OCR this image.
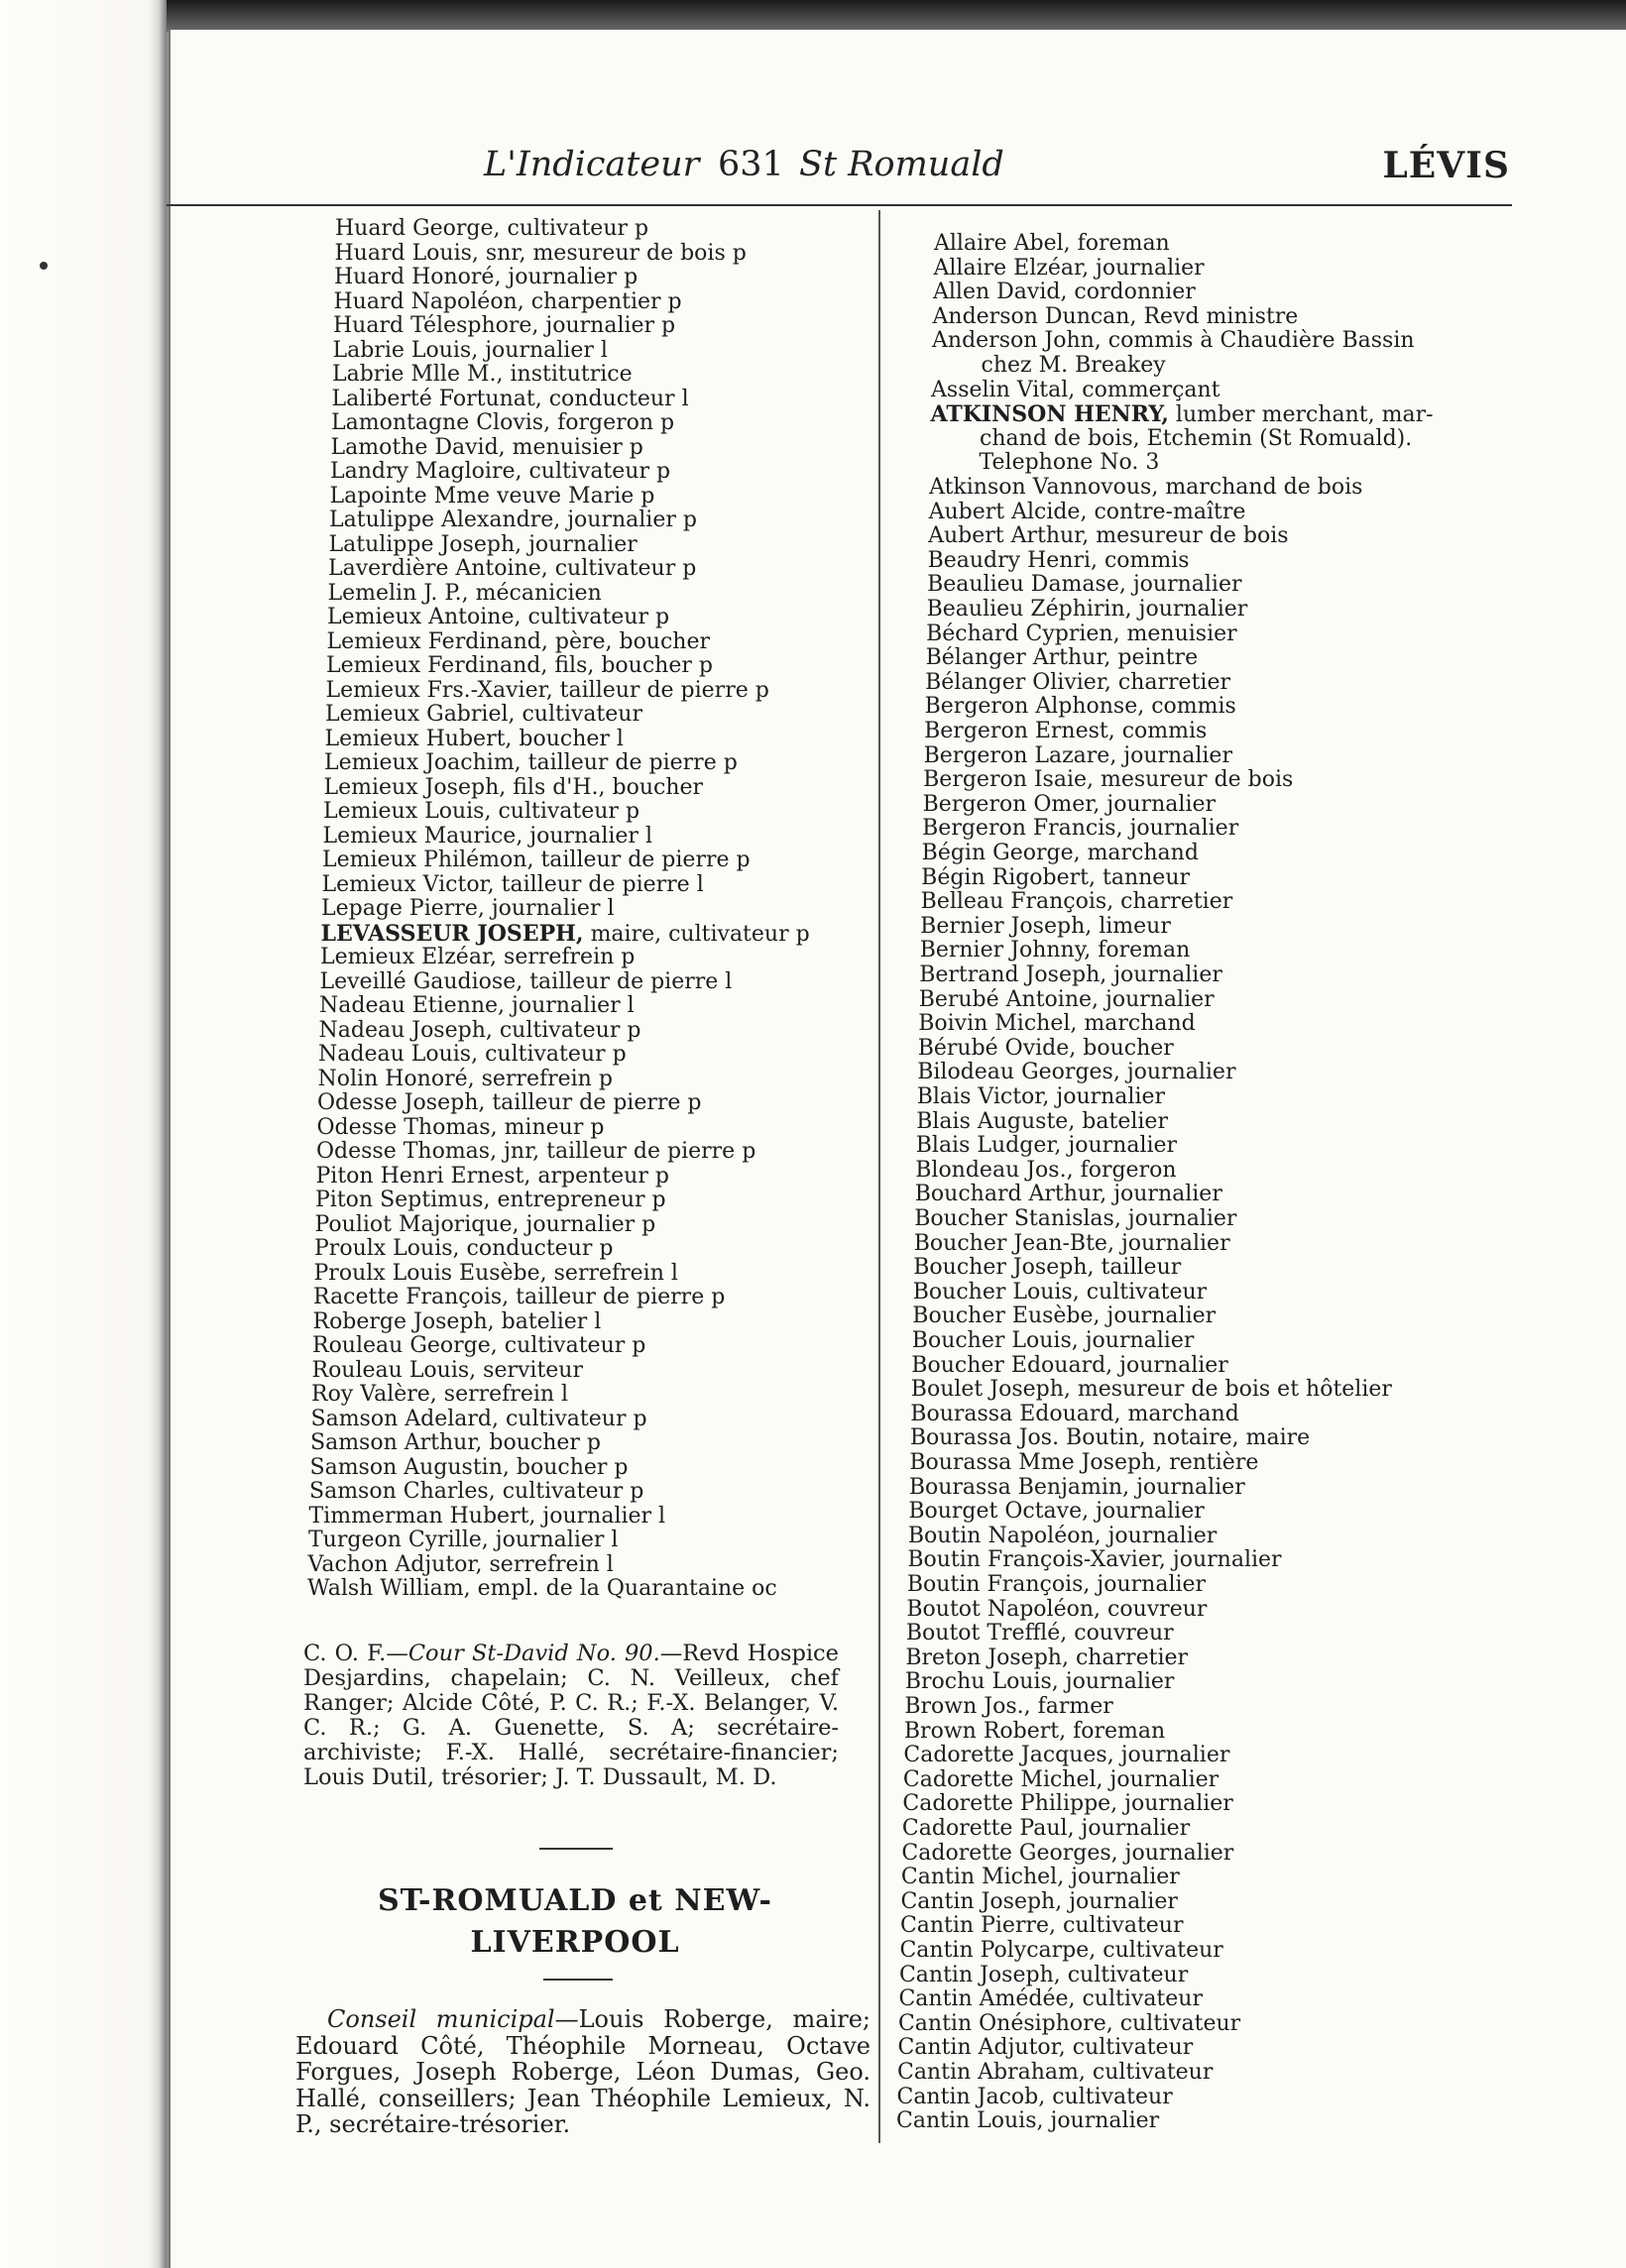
L'Indicateur 631 St Romuald	LÉVIS
Huard George, cultivateur p
Huard Louis, snr, mesureur de bois p
Huard Honoré, journalier p
Huard Napoléon, charpentier p
Huard Télesphore, journalier p
Labrie Louis, journalier l
Labrie Mlle M., institutrice
Laliberté Fortunat, conducteur l
Lamontagne Clovis, forgeron p
Lamothe David, menuisier p
Landry Magloire, cultivateur p
Lapointe Mme veuve Marie p
Latulippe Alexandre, journalier p
Latulippe Joseph, journalier
Laverdière Antoine, cultivateur p
Lemelin J. P., mécanicien
Lemieux Antoine, cultivateur p
Lemieux Ferdinand, père, boucher
Lemieux Ferdinand, fils, boucher p
Lemieux Frs.-Xavier, tailleur de pierre p
Lemieux Gabriel, cultivateur
Lemieux Hubert, boucher l
Lemieux Joachim, tailleur de pierre p
Lemieux Joseph, fils d'H., boucher
Lemieux Louis, cultivateur p
Lemieux Maurice, journalier l
Lemieux Philémon, tailleur de pierre p
Lemieux Victor, tailleur de pierre l
Lepage Pierre, journalier l
LEVASSEUR JOSEPH, maire, cultivateur p
Lemieux Elzéar, serrefrein p
Leveillé Gaudiose, tailleur de pierre l
Nadeau Etienne, journalier l
Nadeau Joseph, cultivateur p
Nadeau Louis, cultivateur p
Nolin Honoré, serrefrein p
Odesse Joseph, tailleur de pierre p
Odesse Thomas, mineur p
Odesse Thomas, jnr, tailleur de pierre p
Piton Henri Ernest, arpenteur p
Piton Septimus, entrepreneur p
Pouliot Majorique, journalier p
Proulx Louis, conducteur p
Proulx Louis Eusèbe, serrefrein l
Racette François, tailleur de pierre p
Roberge Joseph, batelier l
Rouleau George, cultivateur p
Rouleau Louis, serviteur
Roy Valère, serrefrein l
Samson Adelard, cultivateur p
Samson Arthur, boucher p
Samson Augustin, boucher p
Samson Charles, cultivateur p
Timmerman Hubert, journalier l
Turgeon Cyrille, journalier l
Vachon Adjutor, serrefrein l
Walsh William, empl. de la Quarantaine oc
Allaire Abel, foreman
Allaire Elzéar, journalier
Allen David, cordonnier
Anderson Duncan, Revd ministre
Anderson John, commis à Chaudière Bassin
chez M. Breakey
Asselin Vital, commerçant
ATKINSON HENRY, lumber merchant, mar-
chand de bois, Etchemin (St Romuald).
Telephone No. 3
Atkinson Vannovous, marchand de bois
Aubert Alcide, contre-maître
Aubert Arthur, mesureur de bois
Beaudry Henri, commis
Beaulieu Damase, journalier
Beaulieu Zéphirin, journalier
Béchard Cyprien, menuisier
Bélanger Arthur, peintre
Bélanger Olivier, charretier
Bergeron Alphonse, commis
Bergeron Ernest, commis
Bergeron Lazare, journalier
Bergeron Isaie, mesureur de bois
Bergeron Omer, journalier
Bergeron Francis, journalier
Bégin George, marchand
Bégin Rigobert, tanneur
Belleau François, charretier
Bernier Joseph, limeur
Bernier Johnny, foreman
Bertrand Joseph, journalier
Berubé Antoine, journalier
Boivin Michel, marchand
Bérubé Ovide, boucher
Bilodeau Georges, journalier
Blais Victor, journalier
Blais Auguste, batelier
Blais Ludger, journalier
Blondeau Jos., forgeron
Bouchard Arthur, journalier
Boucher Stanislas, journalier
Boucher Jean-Bte, journalier
Boucher Joseph, tailleur
Boucher Louis, cultivateur
Boucher Eusèbe, journalier
Boucher Louis, journalier
Boucher Edouard, journalier
Boulet Joseph, mesureur de bois et hôtelier
Bourassa Edouard, marchand
Bourassa Jos. Boutin, notaire, maire
Bourassa Mme Joseph, rentière
Bourassa Benjamin, journalier
Bourget Octave, journalier
Boutin Napoléon, journalier
Boutin François-Xavier, journalier
Boutin François, journalier
Boutot Napoléon, couvreur
Boutot Trefflé, couvreur
Breton Joseph, charretier
Brochu Louis, journalier
Brown Jos., farmer
Brown Robert, foreman
Cadorette Jacques, journalier
Cadorette Michel, journalier
Cadorette Philippe, journalier
Cadorette Paul, journalier
Cadorette Georges, journalier
Cantin Michel, journalier
Cantin Joseph, journalier
Cantin Pierre, cultivateur
Cantin Polycarpe, cultivateur
Cantin Joseph, cultivateur
Cantin Amédée, cultivateur
Cantin Onésiphore, cultivateur
Cantin Adjutor, cultivateur
Cantin Abraham, cultivateur
Cantin Jacob, cultivateur
Cantin Louis, journalier
C. O. F.—Cour St-David No. 90.—Revd Hospice Desjardins, chapelain; C. N. Veilleux, chef Ranger; Alcide Côté, P. C. R.; F.-X. Belanger, V. C. R.; G. A. Guenette, S. A; secrétaire-archiviste; F.-X. Hallé, secrétaire-financier; Louis Dutil, trésorier; J. T. Dussault, M. D.
ST-ROMUALD et NEW-
LIVERPOOL
Conseil municipal—Louis Roberge, maire; Edouard Côté, Théophile Morneau, Octave Forgues, Joseph Roberge, Léon Dumas, Geo. Hallé, conseillers; Jean Théophile Lemieux, N. P., secrétaire-trésorier.
